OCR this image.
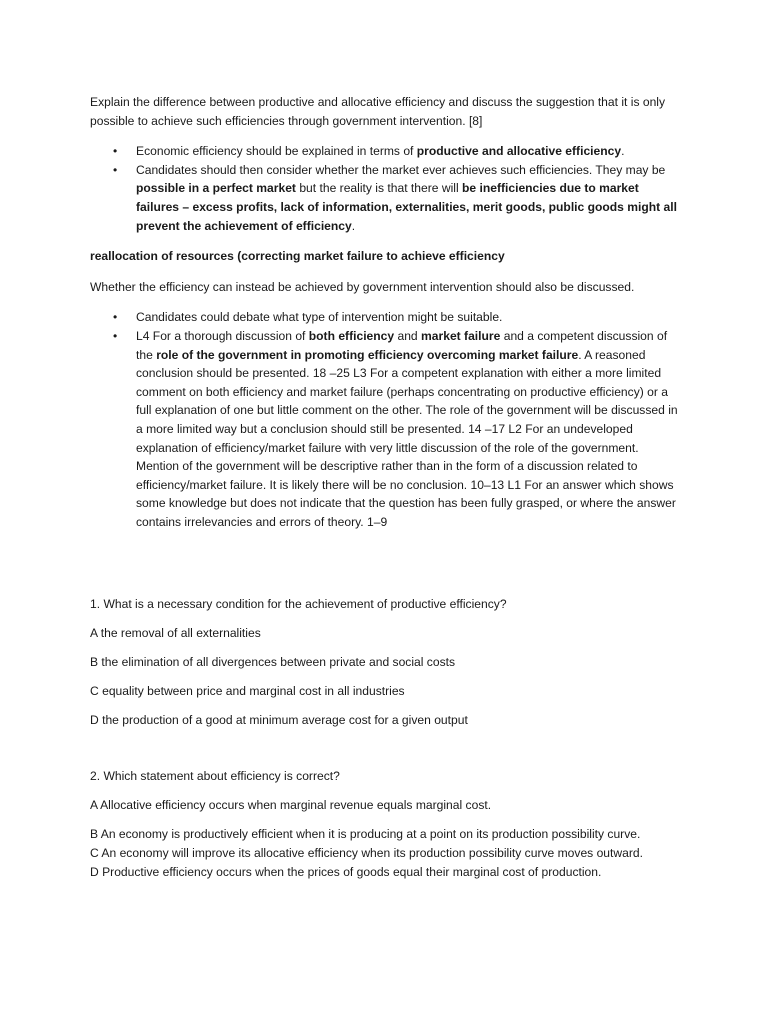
Explain the difference between productive and allocative efficiency and discuss the suggestion that it is only possible to achieve such efficiencies through government intervention. [8]

• Economic efficiency should be explained in terms of productive and allocative efficiency.
• Candidates should then consider whether the market ever achieves such efficiencies. They may be possible in a perfect market but the reality is that there will be inefficiencies due to market failures – excess profits, lack of information, externalities, merit goods, public goods might all prevent the achievement of efficiency.

reallocation of resources (correcting market failure to achieve efficiency

Whether the efficiency can instead be achieved by government intervention should also be discussed.

• Candidates could debate what type of intervention might be suitable.
• L4 For a thorough discussion of both efficiency and market failure and a competent discussion of the role of the government in promoting efficiency overcoming market failure. A reasoned conclusion should be presented. 18 –25 L3 For a competent explanation with either a more limited comment on both efficiency and market failure (perhaps concentrating on productive efficiency) or a full explanation of one but little comment on the other. The role of the government will be discussed in a more limited way but a conclusion should still be presented. 14 –17 L2 For an undeveloped explanation of efficiency/market failure with very little discussion of the role of the government. Mention of the government will be descriptive rather than in the form of a discussion related to efficiency/market failure. It is likely there will be no conclusion. 10–13 L1 For an answer which shows some knowledge but does not indicate that the question has been fully grasped, or where the answer contains irrelevancies and errors of theory. 1–9

1. What is a necessary condition for the achievement of productive efficiency?

A the removal of all externalities

B the elimination of all divergences between private and social costs

C equality between price and marginal cost in all industries

D the production of a good at minimum average cost for a given output

2. Which statement about efficiency is correct?

A Allocative efficiency occurs when marginal revenue equals marginal cost.

B An economy is productively efficient when it is producing at a point on its production possibility curve.

C An economy will improve its allocative efficiency when its production possibility curve moves outward.

D Productive efficiency occurs when the prices of goods equal their marginal cost of production.
